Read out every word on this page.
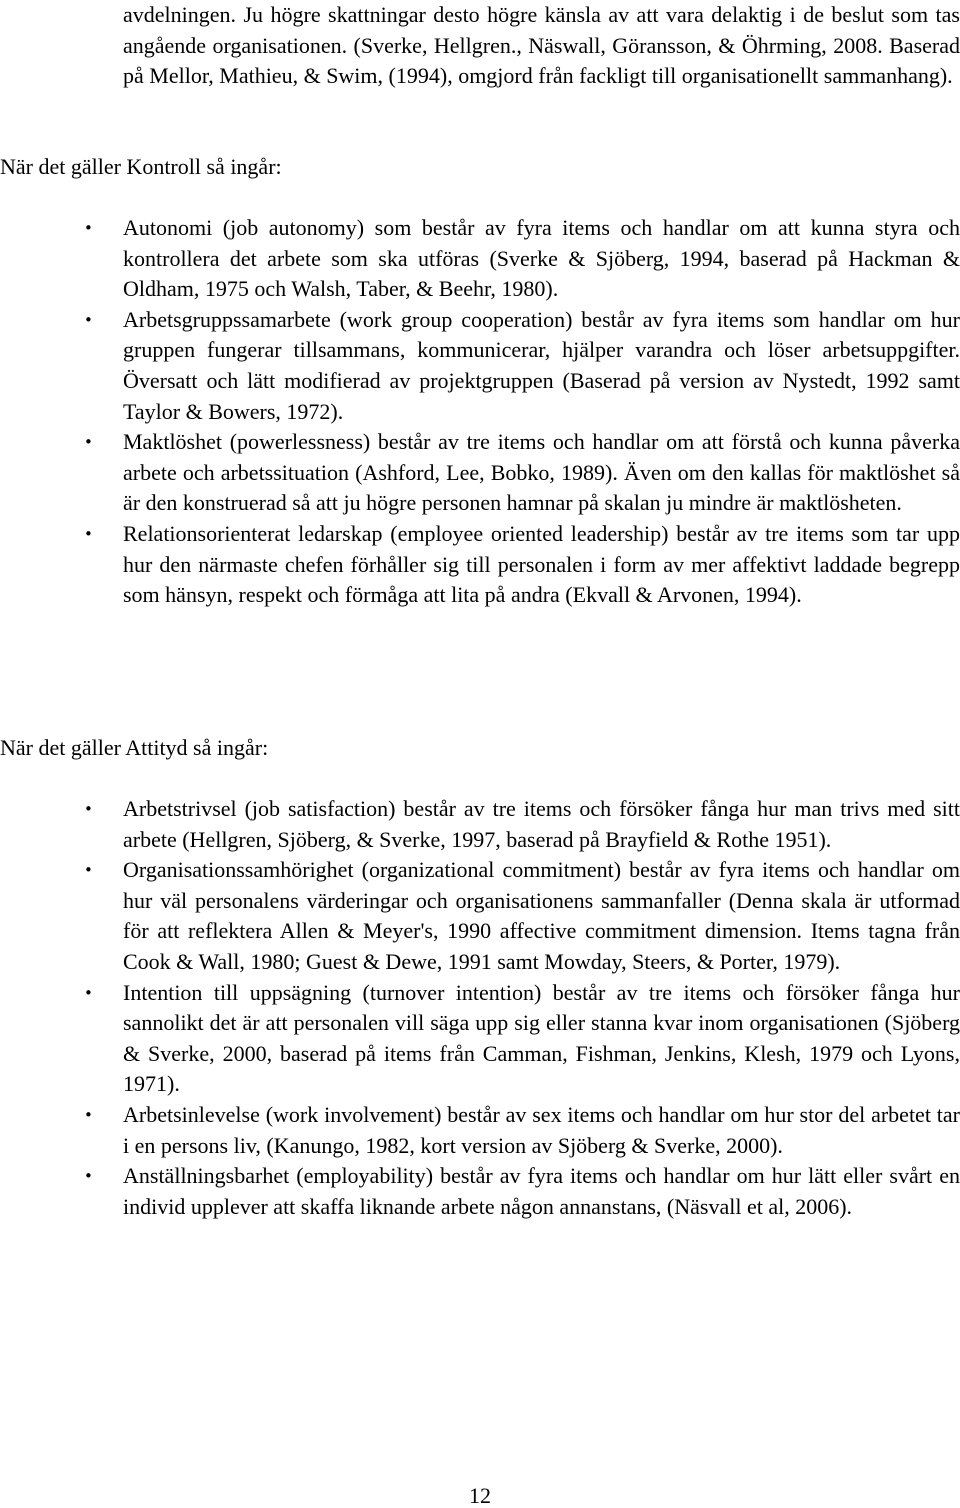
avdelningen. Ju högre skattningar desto högre känsla av att vara delaktig i de beslut som tas angående organisationen. (Sverke, Hellgren., Näswall, Göransson, & Öhrming, 2008. Baserad på Mellor, Mathieu, & Swim, (1994), omgjord från fackligt till organisationellt sammanhang).

När det gäller Kontroll så ingår:

• Autonomi (job autonomy) som består av fyra items och handlar om att kunna styra och kontrollera det arbete som ska utföras (Sverke & Sjöberg, 1994, baserad på Hackman & Oldham, 1975 och Walsh, Taber, & Beehr, 1980).
• Arbetsgruppssamarbete (work group cooperation) består av fyra items som handlar om hur gruppen fungerar tillsammans, kommunicerar, hjälper varandra och löser arbetsuppgifter. Översatt och lätt modifierad av projektgruppen (Baserad på version av Nystedt, 1992 samt Taylor & Bowers, 1972).
• Maktlöshet (powerlessness) består av tre items och handlar om att förstå och kunna påverka arbete och arbetssituation (Ashford, Lee, Bobko, 1989). Även om den kallas för maktlöshet så är den konstruerad så att ju högre personen hamnar på skalan ju mindre är maktlösheten.
• Relationsorienterat ledarskap (employee oriented leadership) består av tre items som tar upp hur den närmaste chefen förhåller sig till personalen i form av mer affektivt laddade begrepp som hänsyn, respekt och förmåga att lita på andra (Ekvall & Arvonen, 1994).

När det gäller Attityd så ingår:

• Arbetstrivsel (job satisfaction) består av tre items och försöker fånga hur man trivs med sitt arbete (Hellgren, Sjöberg, & Sverke, 1997, baserad på Brayfield & Rothe 1951).
• Organisationssamhörighet (organizational commitment) består av fyra items och handlar om hur väl personalens värderingar och organisationens sammanfaller (Denna skala är utformad för att reflektera Allen & Meyer's, 1990 affective commitment dimension. Items tagna från Cook & Wall, 1980; Guest & Dewe, 1991 samt Mowday, Steers, & Porter, 1979).
• Intention till uppsägning (turnover intention) består av tre items och försöker fånga hur sannolikt det är att personalen vill säga upp sig eller stanna kvar inom organisationen (Sjöberg & Sverke, 2000, baserad på items från Camman, Fishman, Jenkins, Klesh, 1979 och Lyons, 1971).
• Arbetsinlevelse (work involvement) består av sex items och handlar om hur stor del arbetet tar i en persons liv, (Kanungo, 1982, kort version av Sjöberg & Sverke, 2000).
• Anställningsbarhet (employability) består av fyra items och handlar om hur lätt eller svårt en individ upplever att skaffa liknande arbete någon annanstans, (Näsvall et al, 2006).
12
